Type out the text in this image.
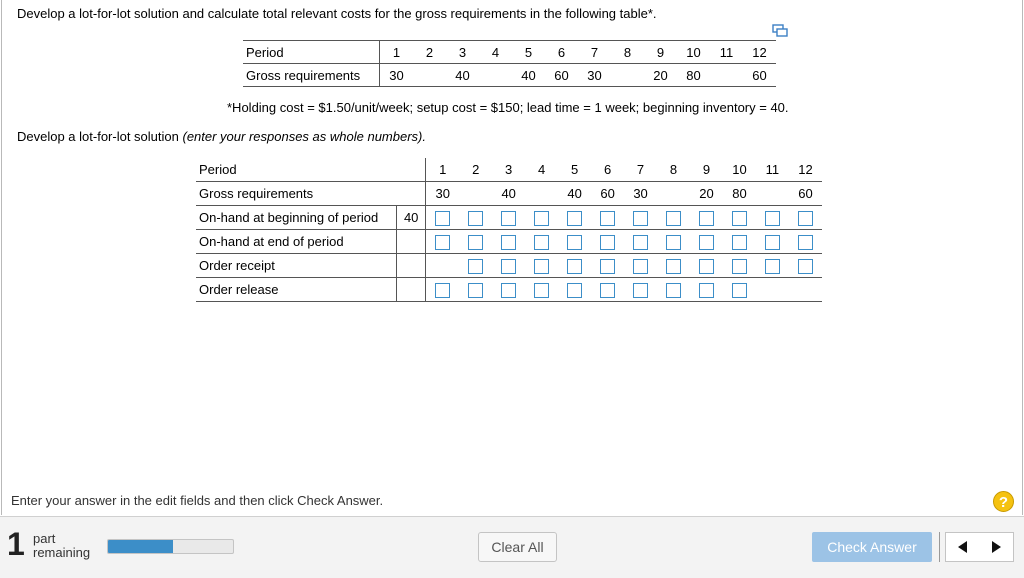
Develop a lot-for-lot solution and calculate total relevant costs for the gross requirements in the following table*.
Period	1	2	3	4	5	6	7	8	9	10	11	12
Gross requirements	30		40		40	60	30		20	80		60
*Holding cost = $1.50/unit/week; setup cost = $150; lead time = 1 week; beginning inventory = 40.
Develop a lot-for-lot solution (enter your responses as whole numbers).
Period		1	2	3	4	5	6	7	8	9	10	11	12
Gross requirements		30		40		40	60	30		20	80		60
On-hand at beginning of period	40												
On-hand at end of period													
Order receipt													
Order release													
Enter your answer in the edit fields and then click Check Answer.	?
1 part
remaining	Clear All	Check Answer
